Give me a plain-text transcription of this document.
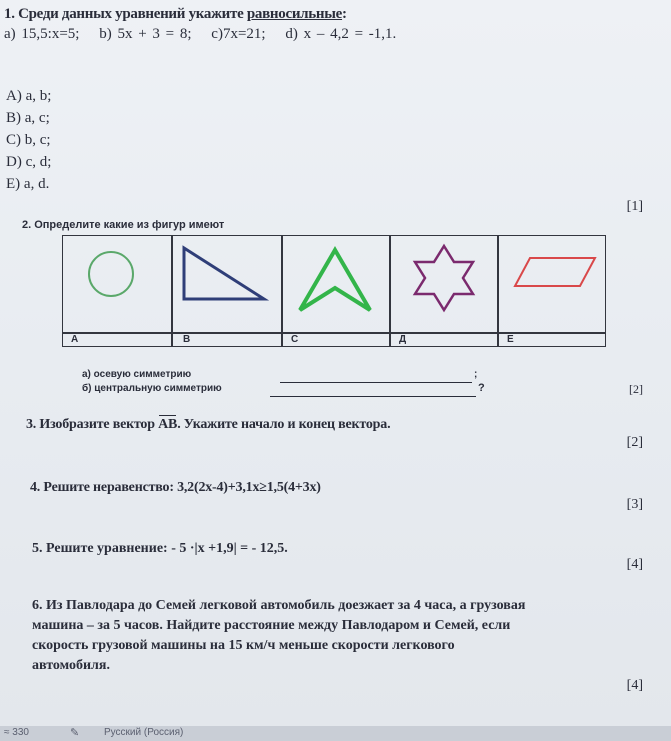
1. Среди данных уравнений укажите равносильные:
a) 15,5:x=5; b) 5x + 3 = 8; c)7x=21; d) x – 4,2 = -1,1.
A) a, b;
B) a, c;
C) b, c;
D) c, d;
E) a, d.
[1]
2. Определите какие из фигур имеют
A	B	C	Д	E
а) осевую симметрию	;
б) центральную симметрию	?	[2]
3. Изобразите вектор AB. Укажите начало и конец вектора.
[2]
4. Решите неравенство: 3,2(2x-4)+3,1x≥1,5(4+3x)
[3]
5. Решите уравнение: - 5 ·|x +1,9| = - 12,5.
[4]
6. Из Павлодара до Семей легковой автомобиль доезжает за 4 часа, а грузовая
машина – за 5 часов. Найдите расстояние между Павлодаром и Семей, если
скорость грузовой машины на 15 км/ч меньше скорости легкового
автомобиля.
[4]
≈ 330	✎ Русский (Россия)
